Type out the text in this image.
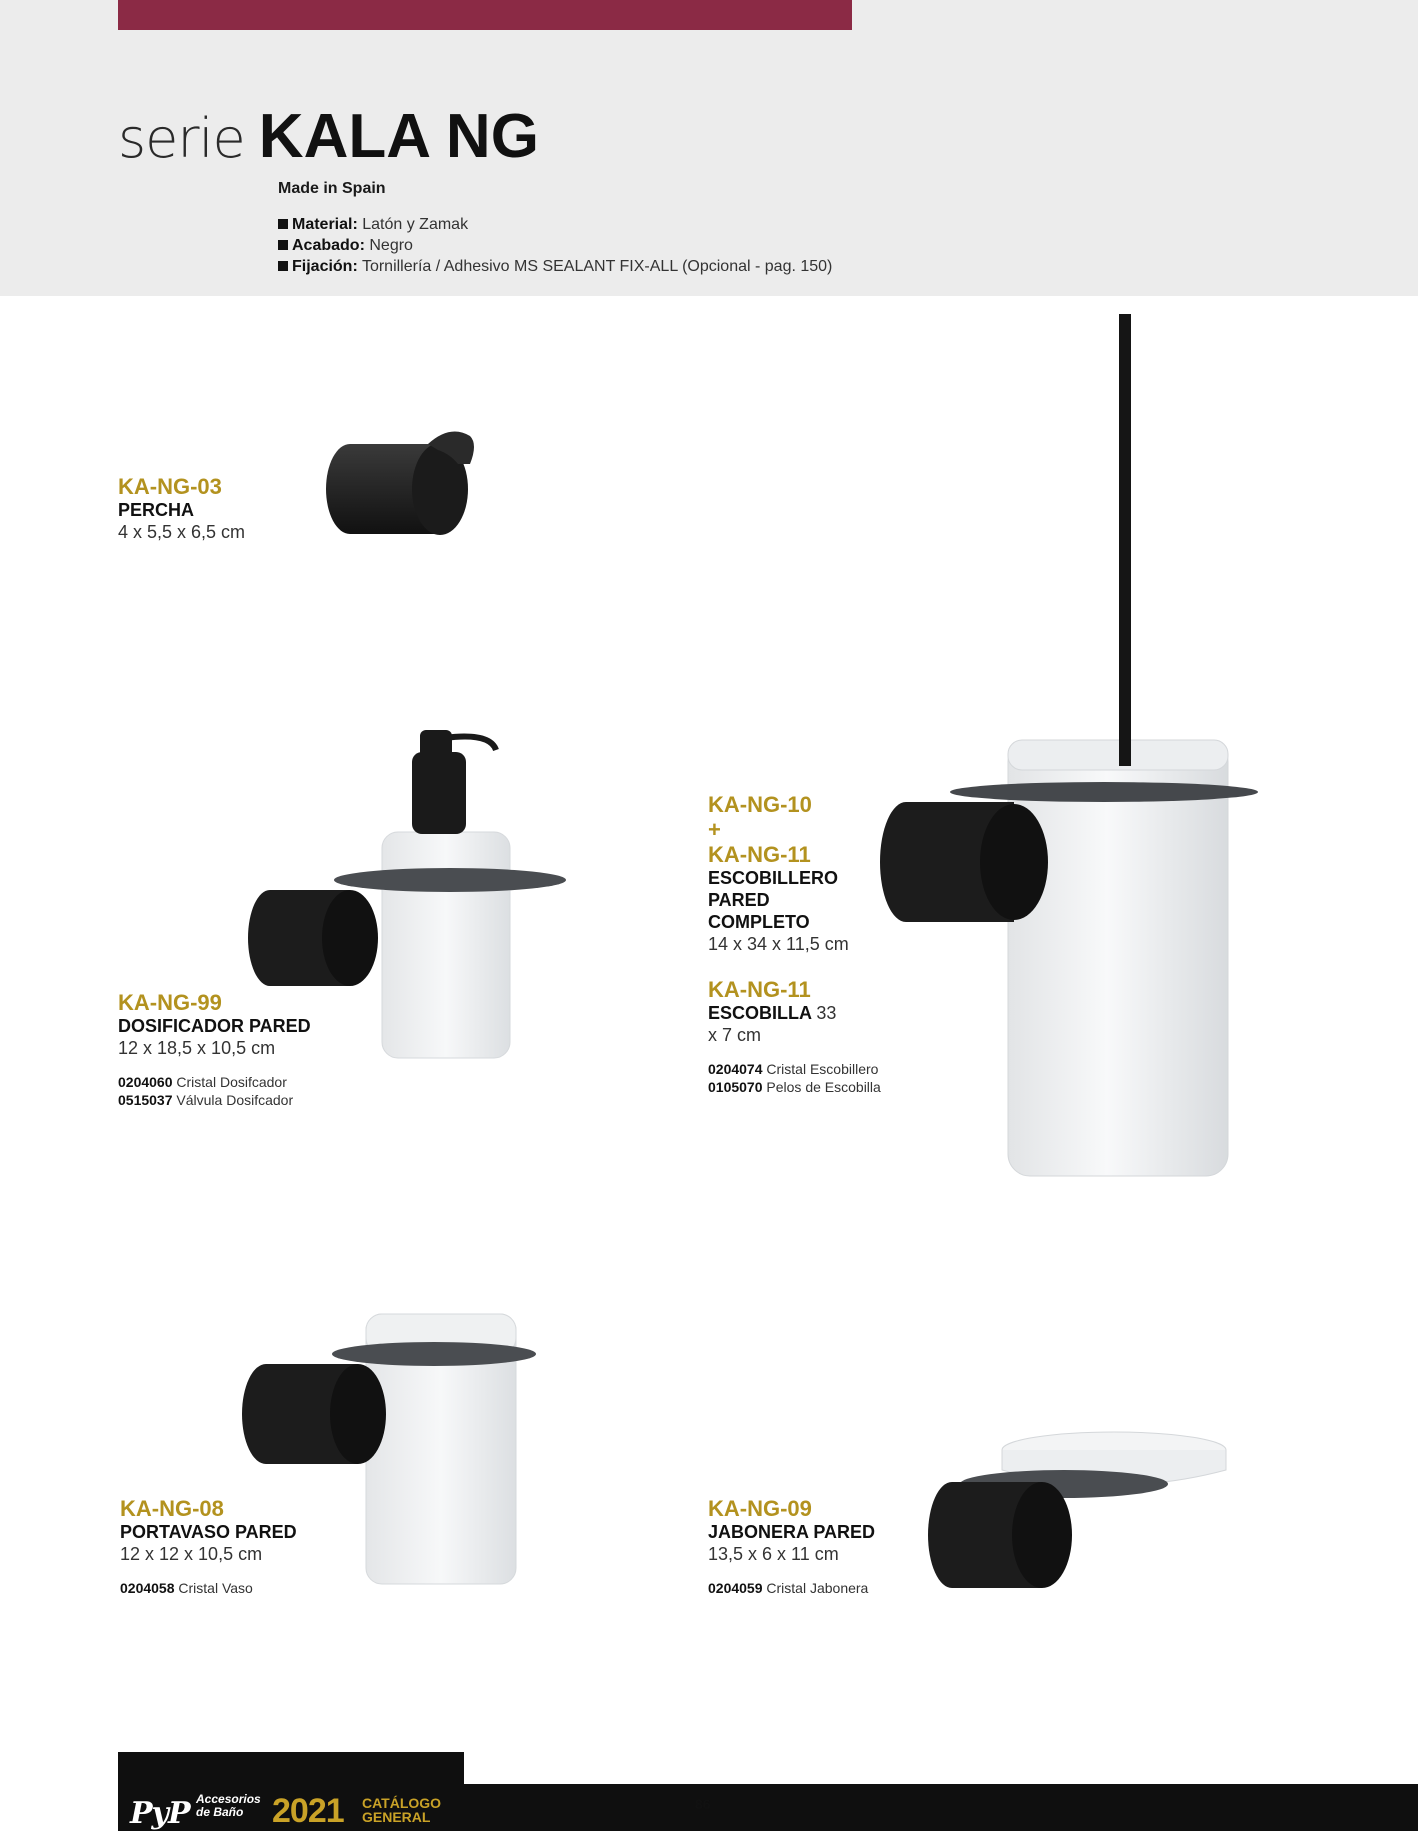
serie KALA NG
Made in Spain
Material: Latón y Zamak
Acabado: Negro
Fijación: Tornillería / Adhesivo MS SEALANT FIX-ALL (Opcional - pag. 150)
KA-NG-03
PERCHA
4 x 5,5 x 6,5 cm
KA-NG-99
DOSIFICADOR PARED
12 x 18,5 x 10,5 cm
0204060 Cristal Dosifcador
0515037 Válvula Dosifcador
KA-NG-10
+
KA-NG-11
ESCOBILLERO
PARED
COMPLETO
14 x 34 x 11,5 cm
KA-NG-11
ESCOBILLA 33
x 7 cm
0204074 Cristal Escobillero
0105070 Pelos de Escobilla
KA-NG-08
PORTAVASO PARED
12 x 12 x 10,5 cm
0204058 Cristal Vaso
KA-NG-09
JABONERA PARED
13,5 x 6 x 11 cm
0204059 Cristal Jabonera
PyP Accesorios
de Baño 2021 CATÁLOGO
GENERAL
86
